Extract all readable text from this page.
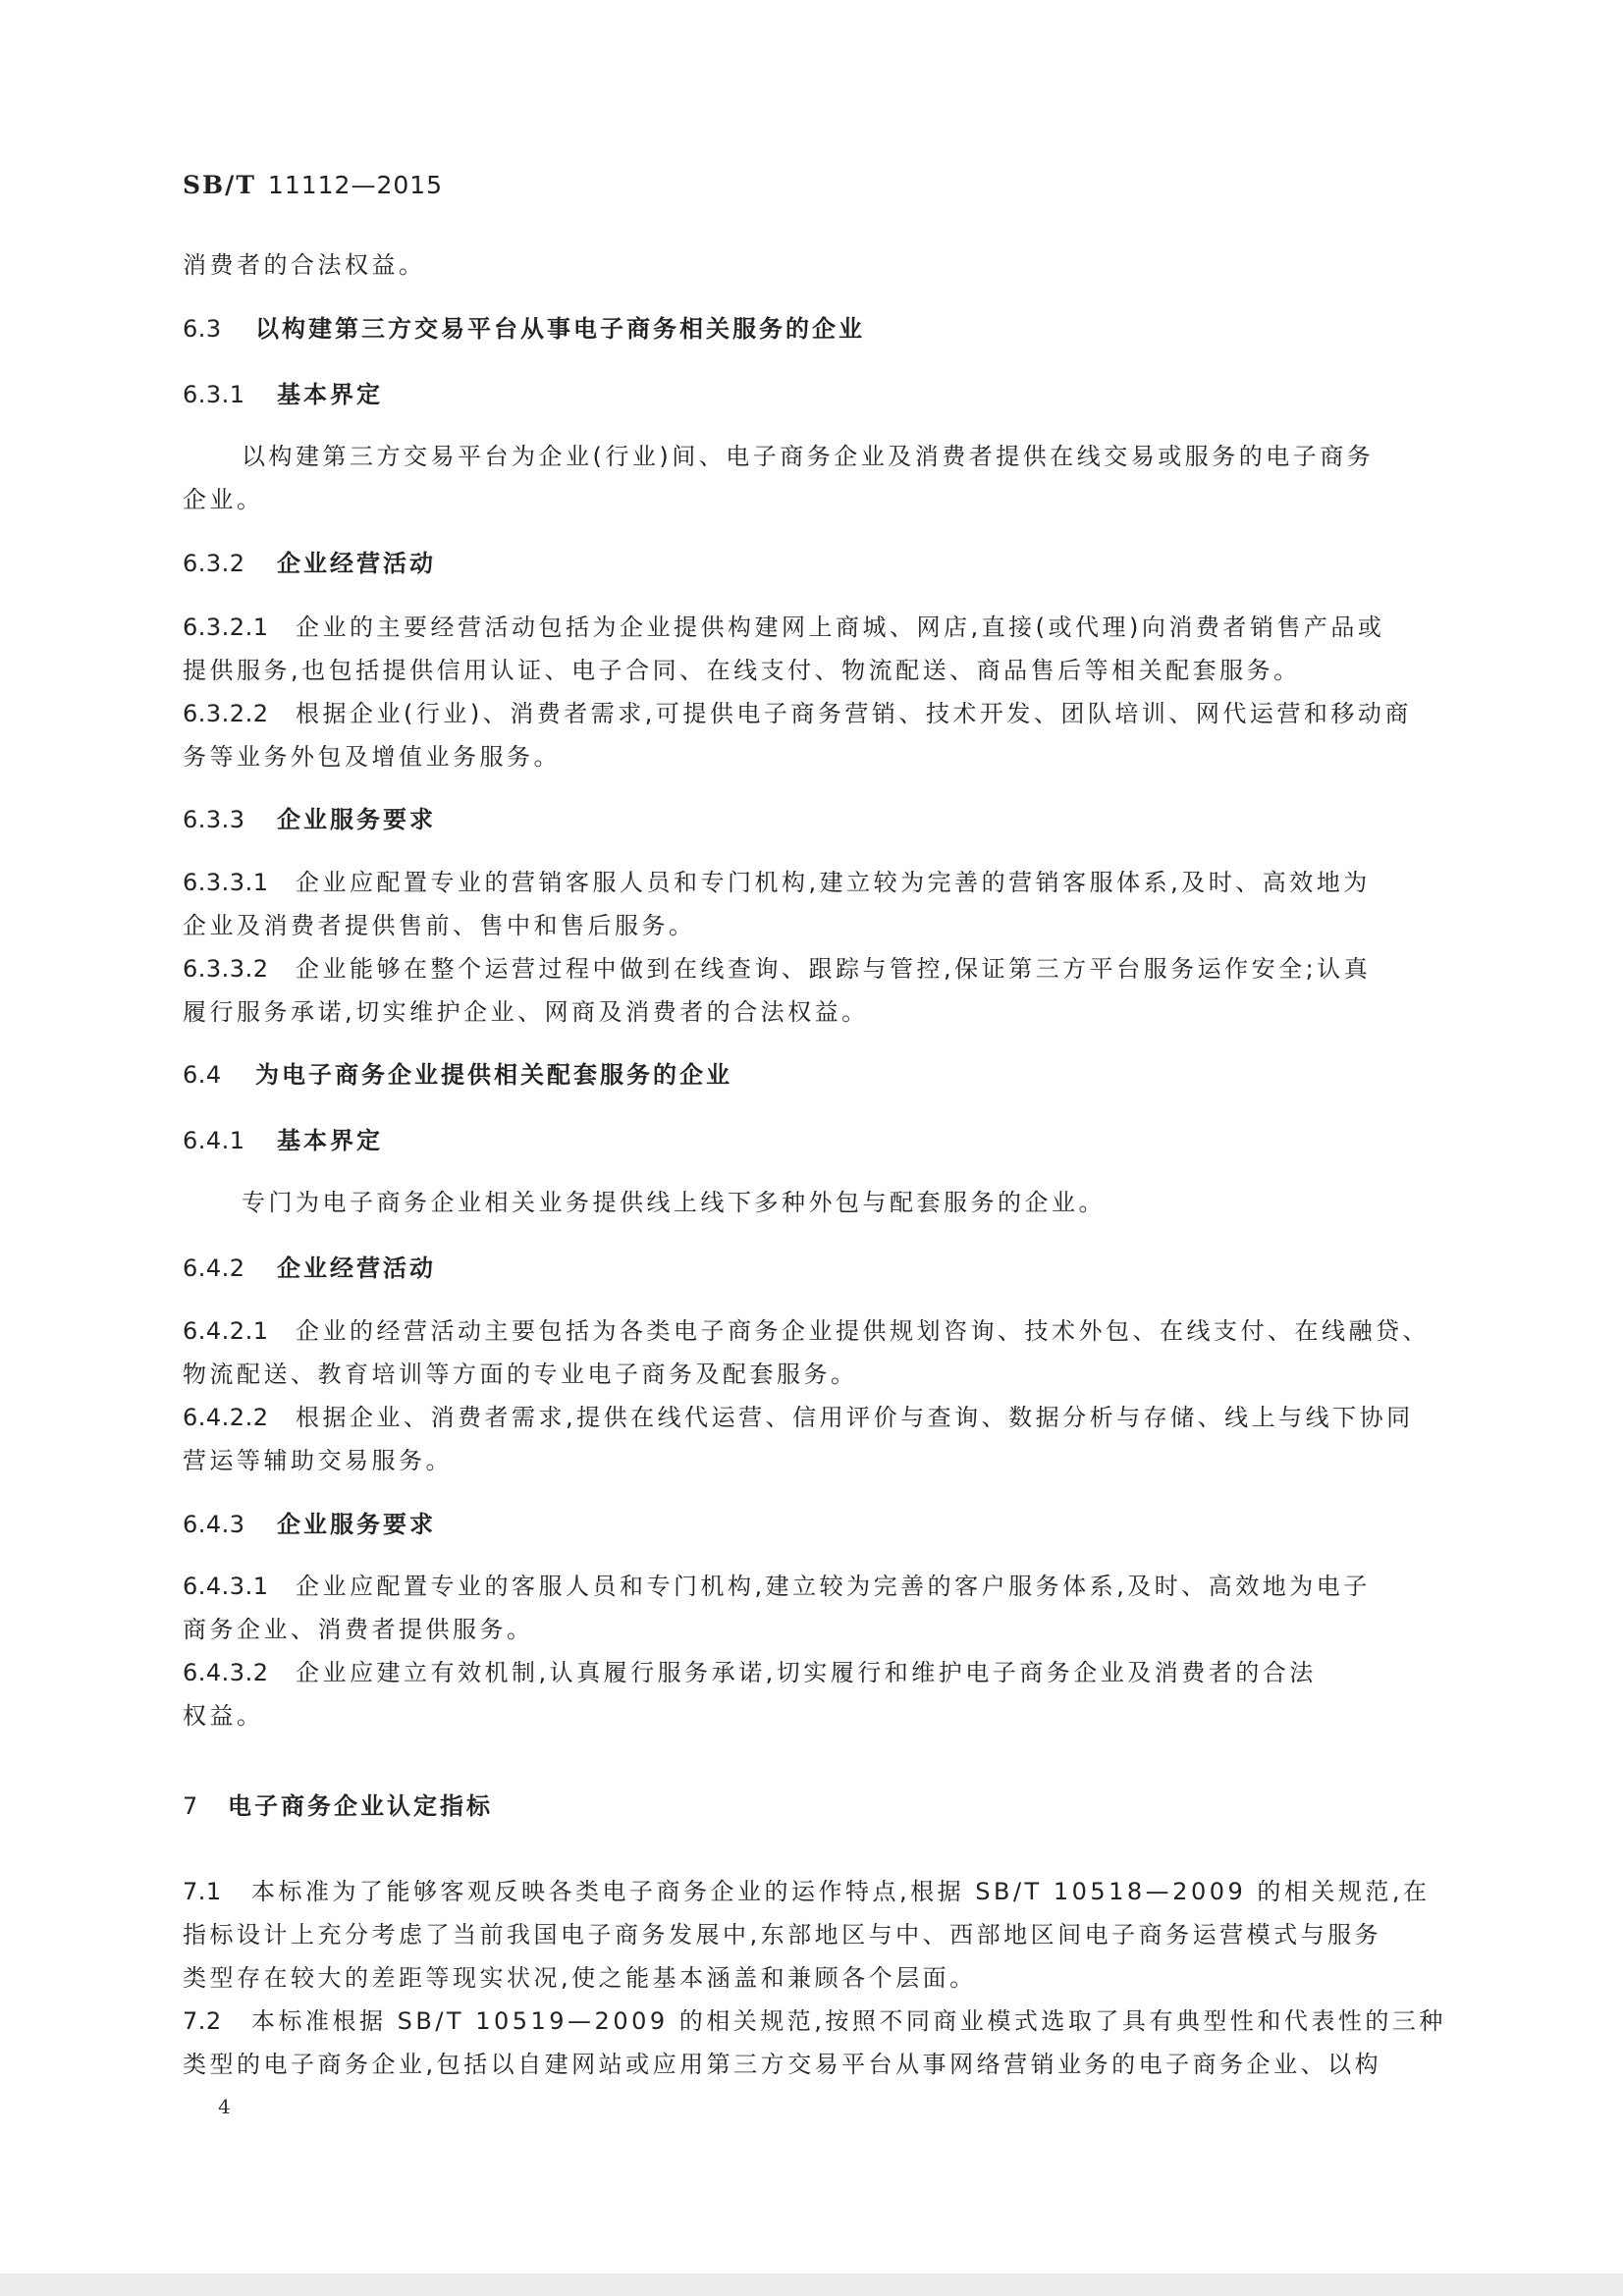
SB/T 11112—2015
消费者的合法权益。
6.3 以构建第三方交易平台从事电子商务相关服务的企业
6.3.1 基本界定
以构建第三方交易平台为企业(行业)间、电子商务企业及消费者提供在线交易或服务的电子商务
企业。
6.3.2 企业经营活动
6.3.2.1 企业的主要经营活动包括为企业提供构建网上商城、网店,直接(或代理)向消费者销售产品或
提供服务,也包括提供信用认证、电子合同、在线支付、物流配送、商品售后等相关配套服务。
6.3.2.2 根据企业(行业)、消费者需求,可提供电子商务营销、技术开发、团队培训、网代运营和移动商
务等业务外包及增值业务服务。
6.3.3 企业服务要求
6.3.3.1 企业应配置专业的营销客服人员和专门机构,建立较为完善的营销客服体系,及时、高效地为
企业及消费者提供售前、售中和售后服务。
6.3.3.2 企业能够在整个运营过程中做到在线查询、跟踪与管控,保证第三方平台服务运作安全;认真
履行服务承诺,切实维护企业、网商及消费者的合法权益。
6.4 为电子商务企业提供相关配套服务的企业
6.4.1 基本界定
专门为电子商务企业相关业务提供线上线下多种外包与配套服务的企业。
6.4.2 企业经营活动
6.4.2.1 企业的经营活动主要包括为各类电子商务企业提供规划咨询、技术外包、在线支付、在线融贷、
物流配送、教育培训等方面的专业电子商务及配套服务。
6.4.2.2 根据企业、消费者需求,提供在线代运营、信用评价与查询、数据分析与存储、线上与线下协同
营运等辅助交易服务。
6.4.3 企业服务要求
6.4.3.1 企业应配置专业的客服人员和专门机构,建立较为完善的客户服务体系,及时、高效地为电子
商务企业、消费者提供服务。
6.4.3.2 企业应建立有效机制,认真履行服务承诺,切实履行和维护电子商务企业及消费者的合法
权益。
7 电子商务企业认定指标
7.1 本标准为了能够客观反映各类电子商务企业的运作特点,根据 SB/T 10518—2009 的相关规范,在
指标设计上充分考虑了当前我国电子商务发展中,东部地区与中、西部地区间电子商务运营模式与服务
类型存在较大的差距等现实状况,使之能基本涵盖和兼顾各个层面。
7.2 本标准根据 SB/T 10519—2009 的相关规范,按照不同商业模式选取了具有典型性和代表性的三种
类型的电子商务企业,包括以自建网站或应用第三方交易平台从事网络营销业务的电子商务企业、以构
4
